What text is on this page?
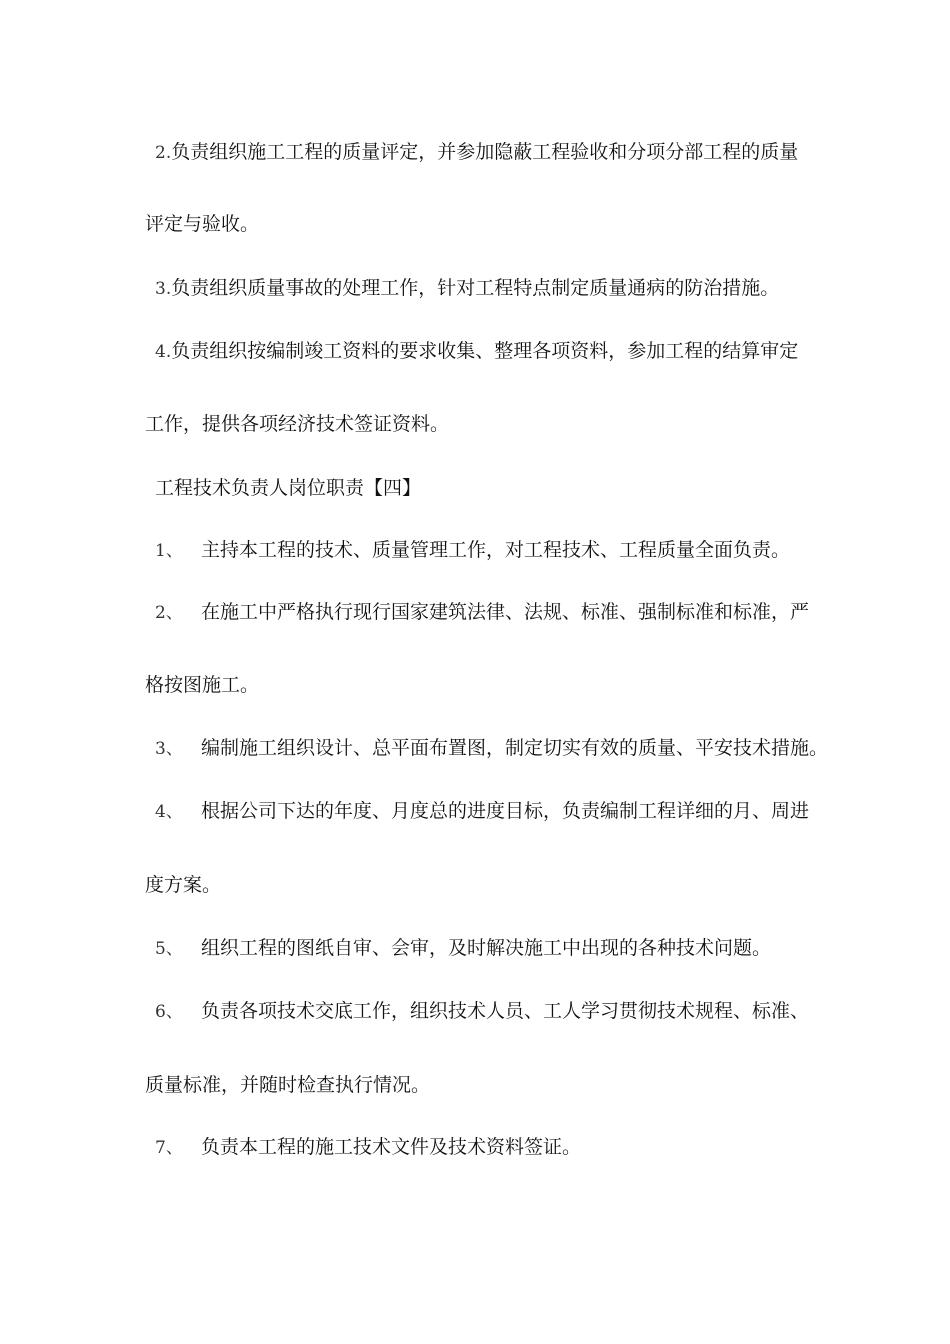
2.负责组织施工工程的质量评定，并参加隐蔽工程验收和分项分部工程的质量
评定与验收。
3.负责组织质量事故的处理工作，针对工程特点制定质量通病的防治措施。
4.负责组织按编制竣工资料的要求收集、整理各项资料，参加工程的结算审定
工作，提供各项经济技术签证资料。
工程技术负责人岗位职责【四】
1、 主持本工程的技术、质量管理工作，对工程技术、工程质量全面负责。
2、 在施工中严格执行现行国家建筑法律、法规、标准、强制标准和标准，严
格按图施工。
3、 编制施工组织设计、总平面布置图，制定切实有效的质量、平安技术措施。
4、 根据公司下达的年度、月度总的进度目标，负责编制工程详细的月、周进
度方案。
5、 组织工程的图纸自审、会审，及时解决施工中出现的各种技术问题。
6、 负责各项技术交底工作，组织技术人员、工人学习贯彻技术规程、标准、
质量标准，并随时检查执行情况。
7、 负责本工程的施工技术文件及技术资料签证。
